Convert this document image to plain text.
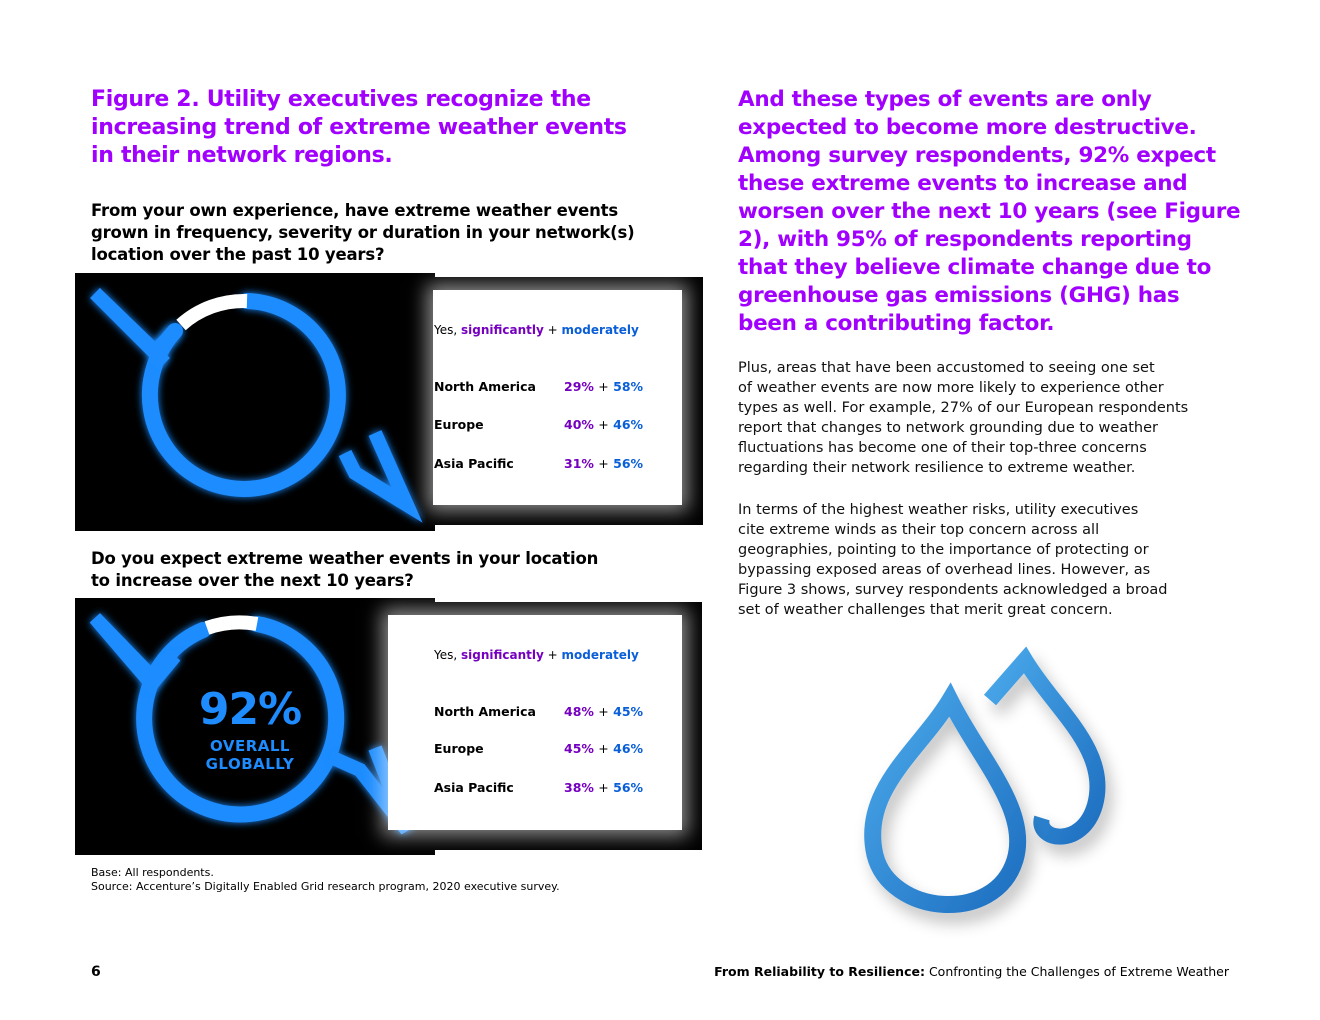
Figure 2. Utility executives recognize the
increasing trend of extreme weather events
in their network regions.
From your own experience, have extreme weather events
grown in frequency, severity or duration in your network(s)
location over the past 10 years?
Yes, significantly + moderately
North America 29% + 58%
Europe	40% + 46%
Asia Pacific	31% + 56%
Do you expect extreme weather events in your location
to increase over the next 10 years?
92%
OVERALL
GLOBALLY
Yes, significantly + moderately
North America 48% + 45%
Europe	45% + 46%
Asia Pacific	38% + 56%
Base: All respondents.
Source: Accenture’s Digitally Enabled Grid research program, 2020 executive survey.
And these types of events are only
expected to become more destructive.
Among survey respondents, 92% expect
these extreme events to increase and
worsen over the next 10 years (see Figure
2), with 95% of respondents reporting
that they believe climate change due to
greenhouse gas emissions (GHG) has
been a contributing factor.
Plus, areas that have been accustomed to seeing one set
of weather events are now more likely to experience other
types as well. For example, 27% of our European respondents
report that changes to network grounding due to weather
fluctuations has become one of their top-three concerns
regarding their network resilience to extreme weather.
In terms of the highest weather risks, utility executives
cite extreme winds as their top concern across all
geographies, pointing to the importance of protecting or
bypassing exposed areas of overhead lines. However, as
Figure 3 shows, survey respondents acknowledged a broad
set of weather challenges that merit great concern.
6	From Reliability to Resilience: Confronting the Challenges of Extreme Weather
